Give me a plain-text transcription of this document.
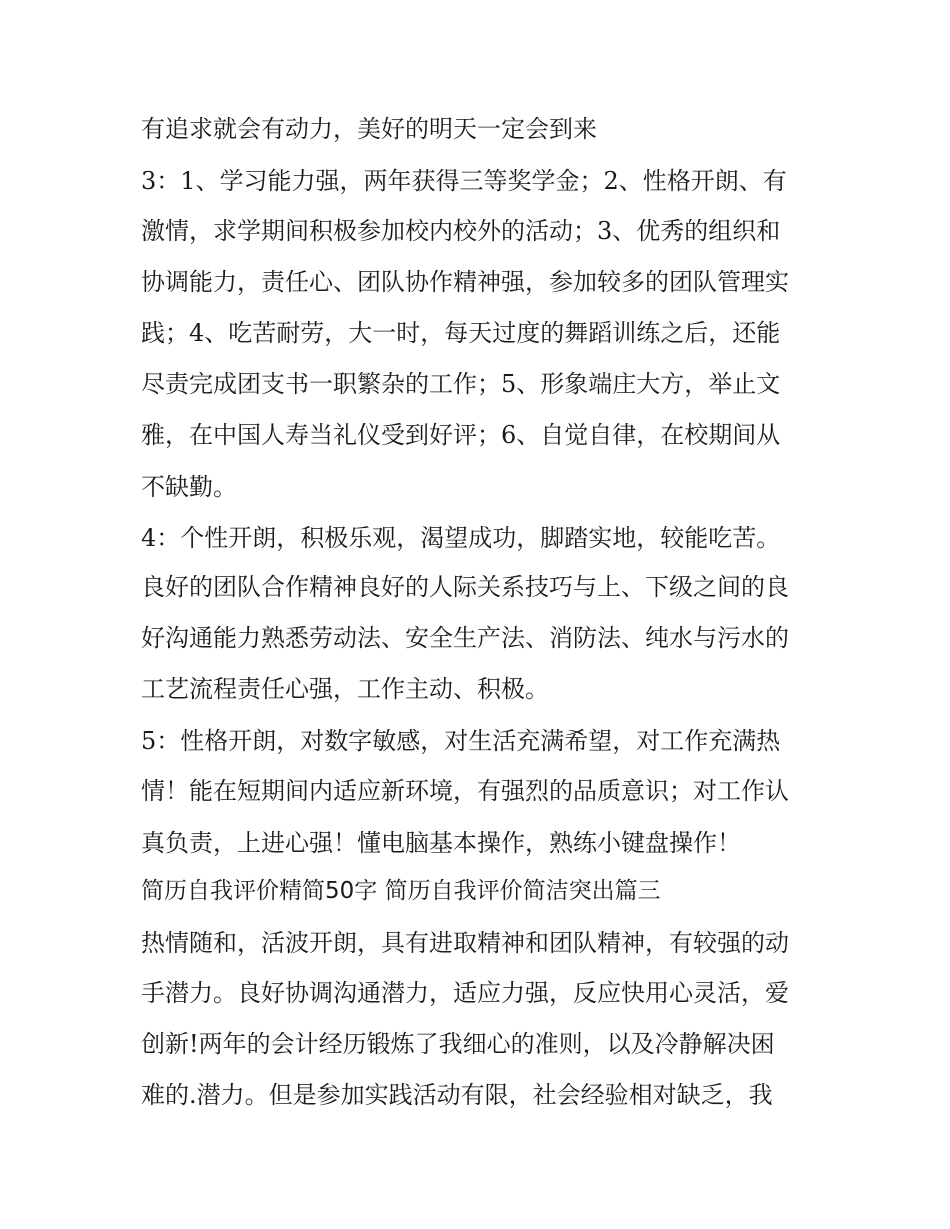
有追求就会有动力，美好的明天一定会到来
3：1、学习能力强，两年获得三等奖学金；2、性格开朗、有
激情，求学期间积极参加校内校外的活动；3、优秀的组织和
协调能力，责任心、团队协作精神强，参加较多的团队管理实
践；4、吃苦耐劳，大一时，每天过度的舞蹈训练之后，还能
尽责完成团支书一职繁杂的工作；5、形象端庄大方，举止文
雅，在中国人寿当礼仪受到好评；6、自觉自律，在校期间从
不缺勤。
4：个性开朗，积极乐观，渴望成功，脚踏实地，较能吃苦。
良好的团队合作精神良好的人际关系技巧与上、下级之间的良
好沟通能力熟悉劳动法、安全生产法、消防法、纯水与污水的
工艺流程责任心强，工作主动、积极。
5：性格开朗，对数字敏感，对生活充满希望，对工作充满热
情！能在短期间内适应新环境，有强烈的品质意识；对工作认
真负责，上进心强！懂电脑基本操作，熟练小键盘操作！
简历自我评价精简50字 简历自我评价简洁突出篇三
热情随和，活波开朗，具有进取精神和团队精神，有较强的动
手潜力。良好协调沟通潜力，适应力强，反应快用心灵活，爱
创新!两年的会计经历锻炼了我细心的准则，以及冷静解决困
难的.潜力。但是参加实践活动有限，社会经验相对缺乏，我
